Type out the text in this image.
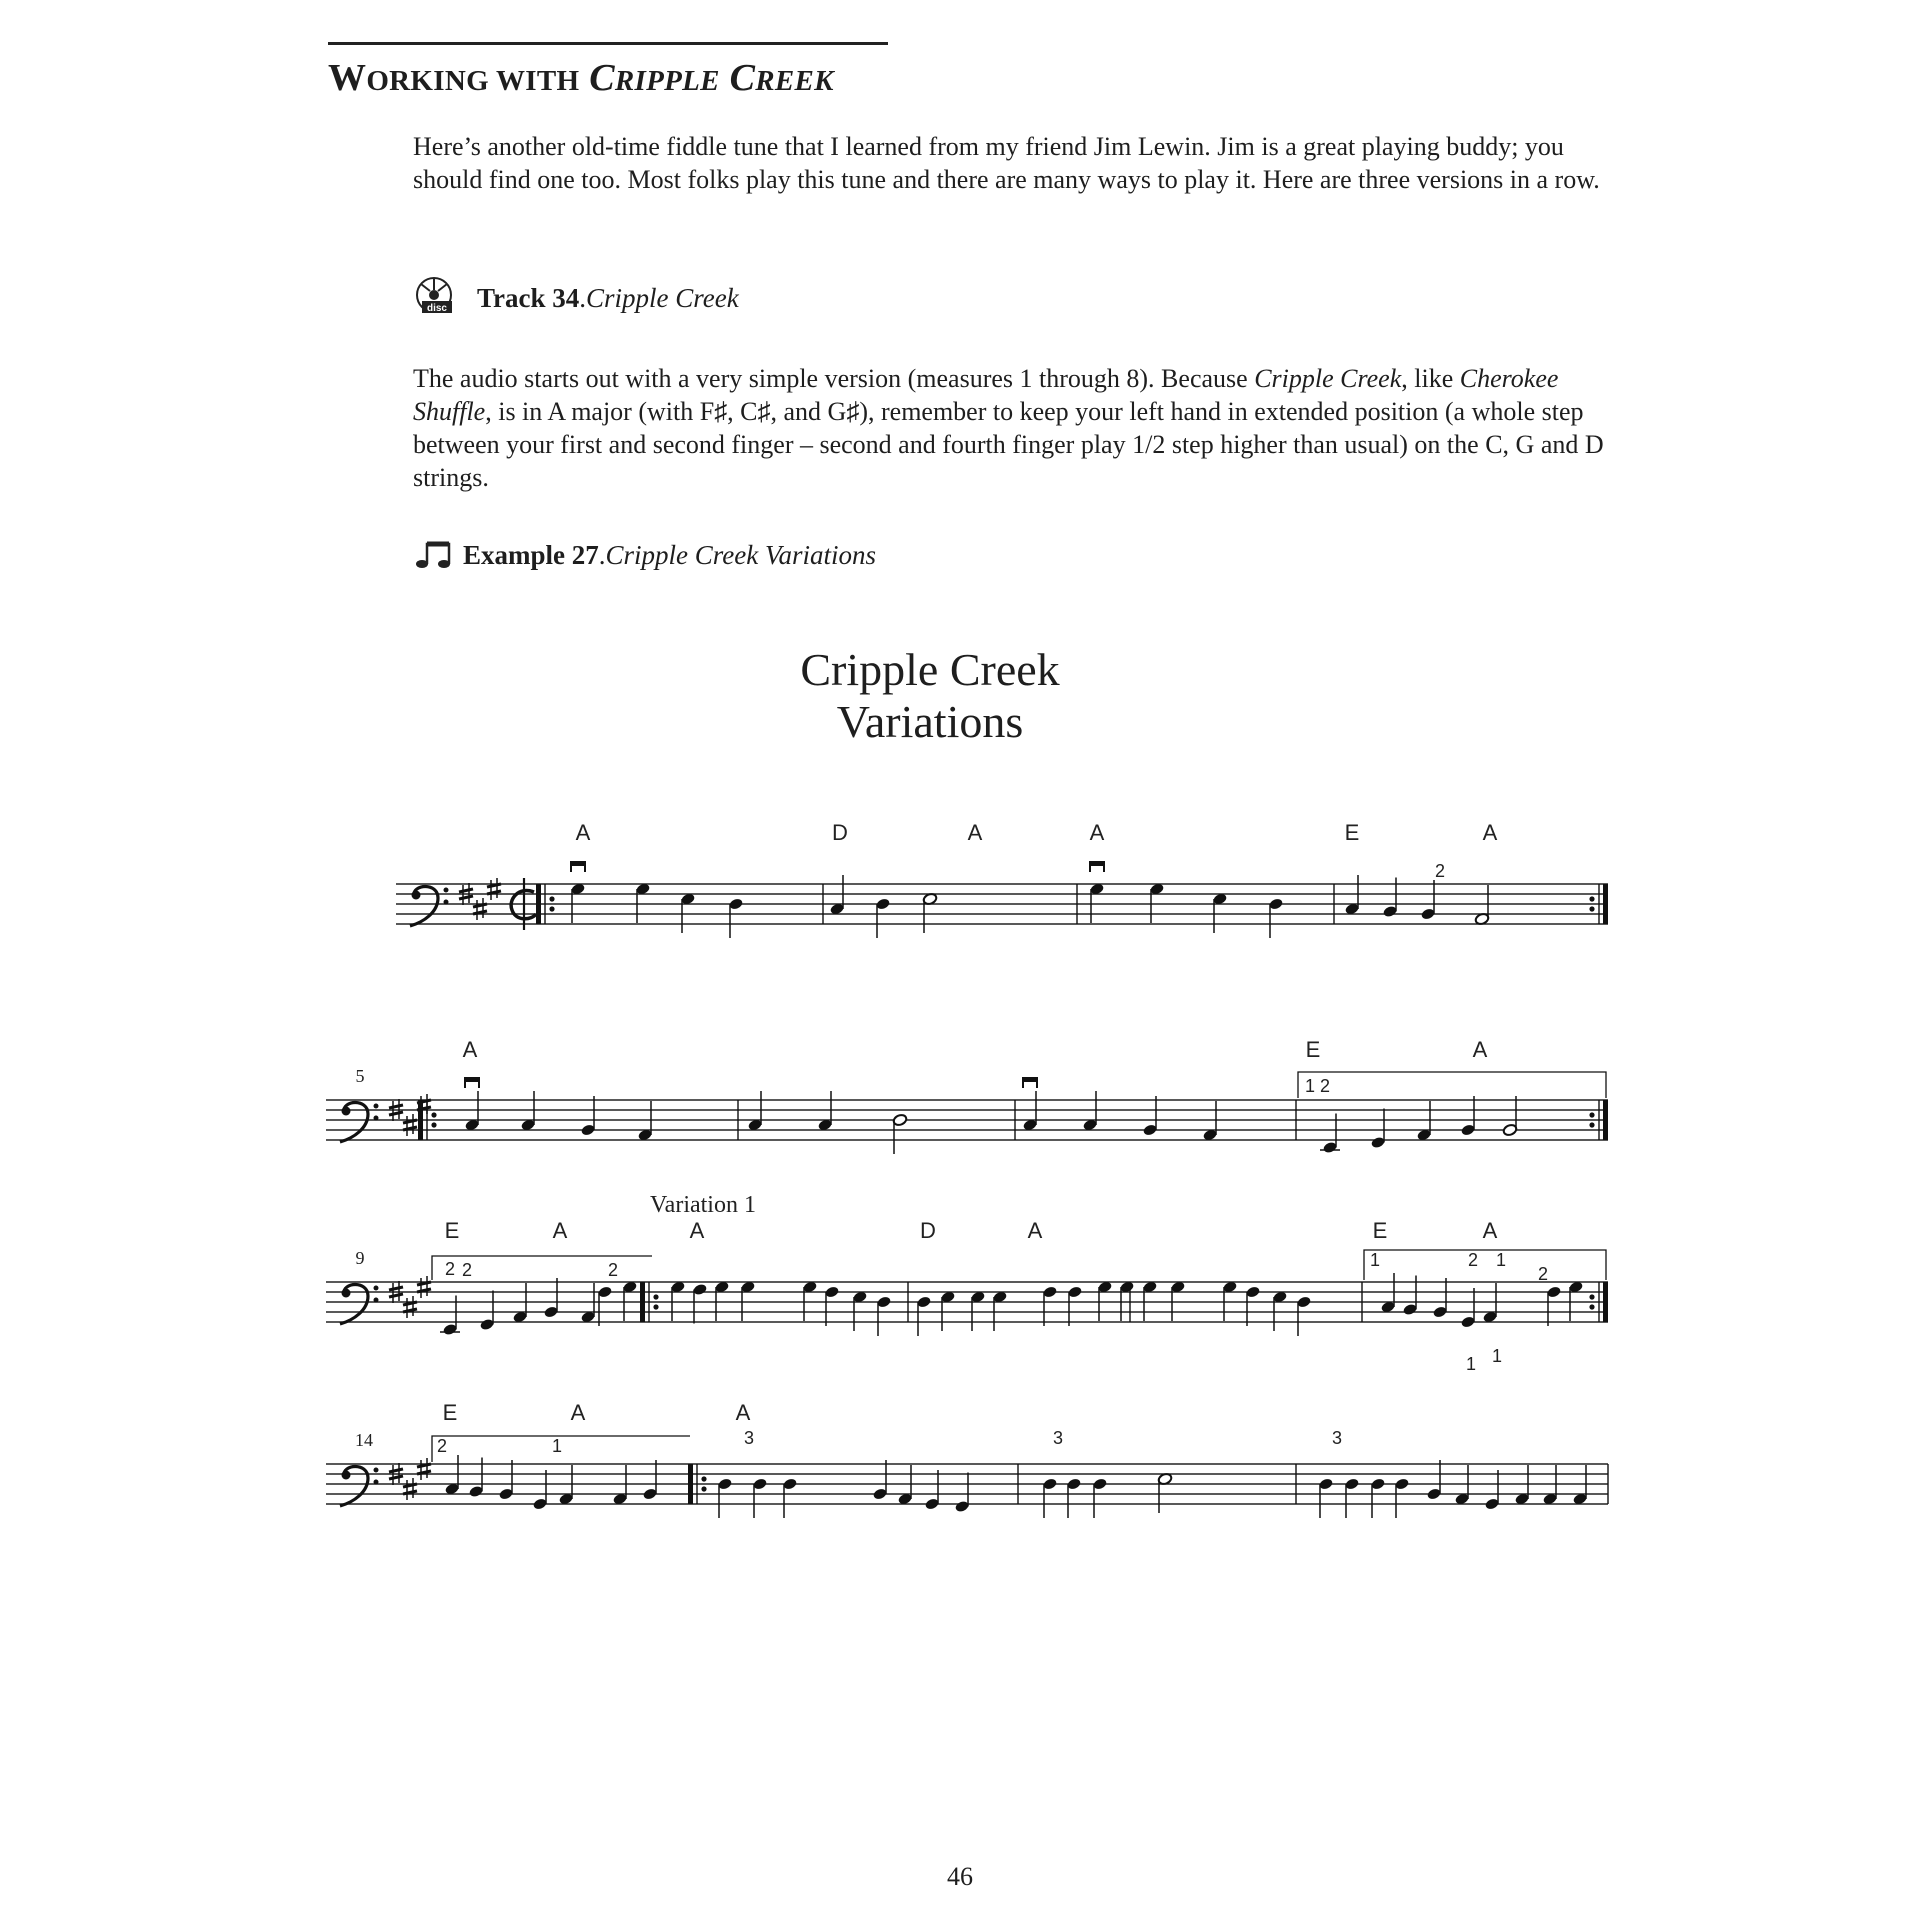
WORKING WITH CRIPPLE CREEK
Here’s another old-time fiddle tune that I learned from my friend Jim Lewin. Jim is a great playing buddy; you should find one too. Most folks play this tune and there are many ways to play it. Here are three versions in a row.
disc Track 34 . Cripple Creek
The audio starts out with a very simple version (measures 1 through 8). Because Cripple Creek, like Cherokee Shuffle, is in A major (with F♯, C♯, and G♯), remember to keep your left hand in extended position (a whole step between your first and second finger – second and fourth finger play 1/2 step higher than usual) on the C, G and D strings.
Example 27 . Cripple Creek Variations
Cripple Creek
Variations
A	D	A	A	E	A
2
5
A	E	A
1 2
9
Variation 1
E	A	A	D	A	E	A
2 2	2	1	2 1
2
1 1
14
E	A	A
2	1	3	3	3
46
